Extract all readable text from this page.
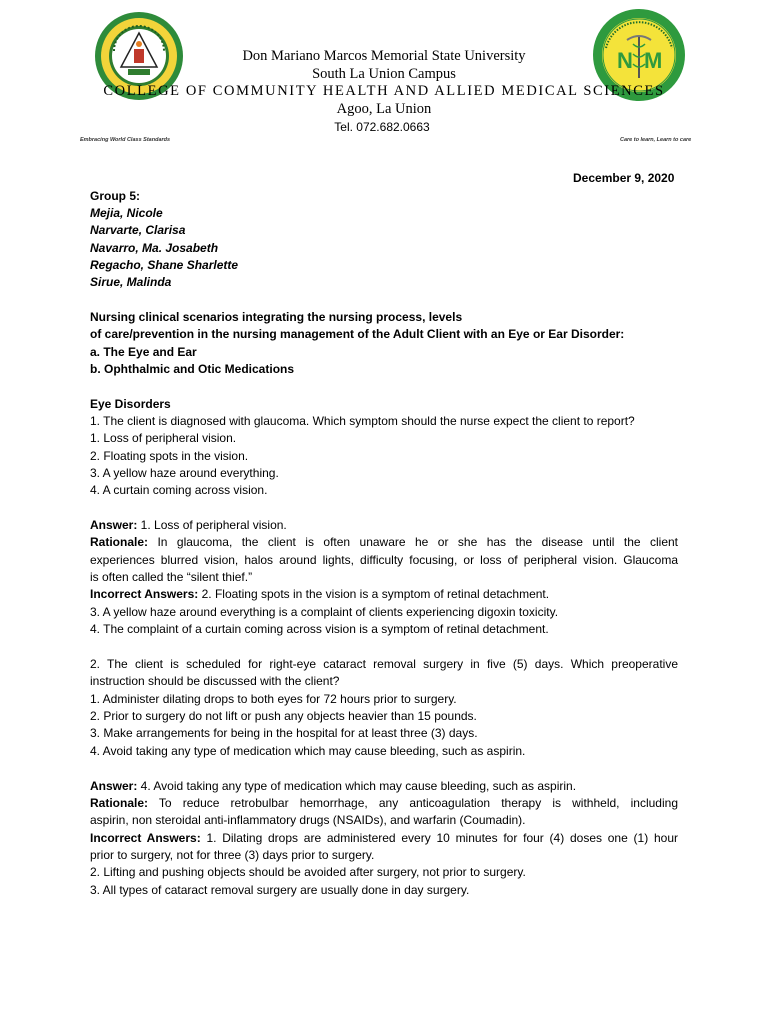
N M
Don Mariano Marcos Memorial State University
South La Union Campus
COLLEGE OF COMMUNITY HEALTH AND ALLIED MEDICAL SCIENCES
Agoo, La Union
Tel. 072.682.0663
Embracing World Class Standards	Care to learn, Learn to care
December 9, 2020
Group 5:
Mejia, Nicole
Narvarte, Clarisa
Navarro, Ma. Josabeth
Regacho, Shane Sharlette
Sirue, Malinda
Nursing clinical scenarios integrating the nursing process, levels
of care/prevention in the nursing management of the Adult Client with an Eye or Ear Disorder:
a. The Eye and Ear
b. Ophthalmic and Otic Medications
Eye Disorders
1. The client is diagnosed with glaucoma. Which symptom should the nurse expect the client to report?
1. Loss of peripheral vision.
2. Floating spots in the vision.
3. A yellow haze around everything.
4. A curtain coming across vision.
Answer: 1. Loss of peripheral vision.
Rationale: In glaucoma, the client is often unaware he or she has the disease until the client
experiences blurred vision, halos around lights, difficulty focusing, or loss of peripheral vision. Glaucoma
is often called the “silent thief.”
Incorrect Answers: 2. Floating spots in the vision is a symptom of retinal detachment.
3. A yellow haze around everything is a complaint of clients experiencing digoxin toxicity.
4. The complaint of a curtain coming across vision is a symptom of retinal detachment.
2. The client is scheduled for right-eye cataract removal surgery in five (5) days. Which preoperative
instruction should be discussed with the client?
1. Administer dilating drops to both eyes for 72 hours prior to surgery.
2. Prior to surgery do not lift or push any objects heavier than 15 pounds.
3. Make arrangements for being in the hospital for at least three (3) days.
4. Avoid taking any type of medication which may cause bleeding, such as aspirin.
Answer: 4. Avoid taking any type of medication which may cause bleeding, such as aspirin.
Rationale: To reduce retrobulbar hemorrhage, any anticoagulation therapy is withheld, including
aspirin, non steroidal anti-inflammatory drugs (NSAIDs), and warfarin (Coumadin).
Incorrect Answers: 1. Dilating drops are administered every 10 minutes for four (4) doses one (1) hour
prior to surgery, not for three (3) days prior to surgery.
2. Lifting and pushing objects should be avoided after surgery, not prior to surgery.
3. All types of cataract removal surgery are usually done in day surgery.
